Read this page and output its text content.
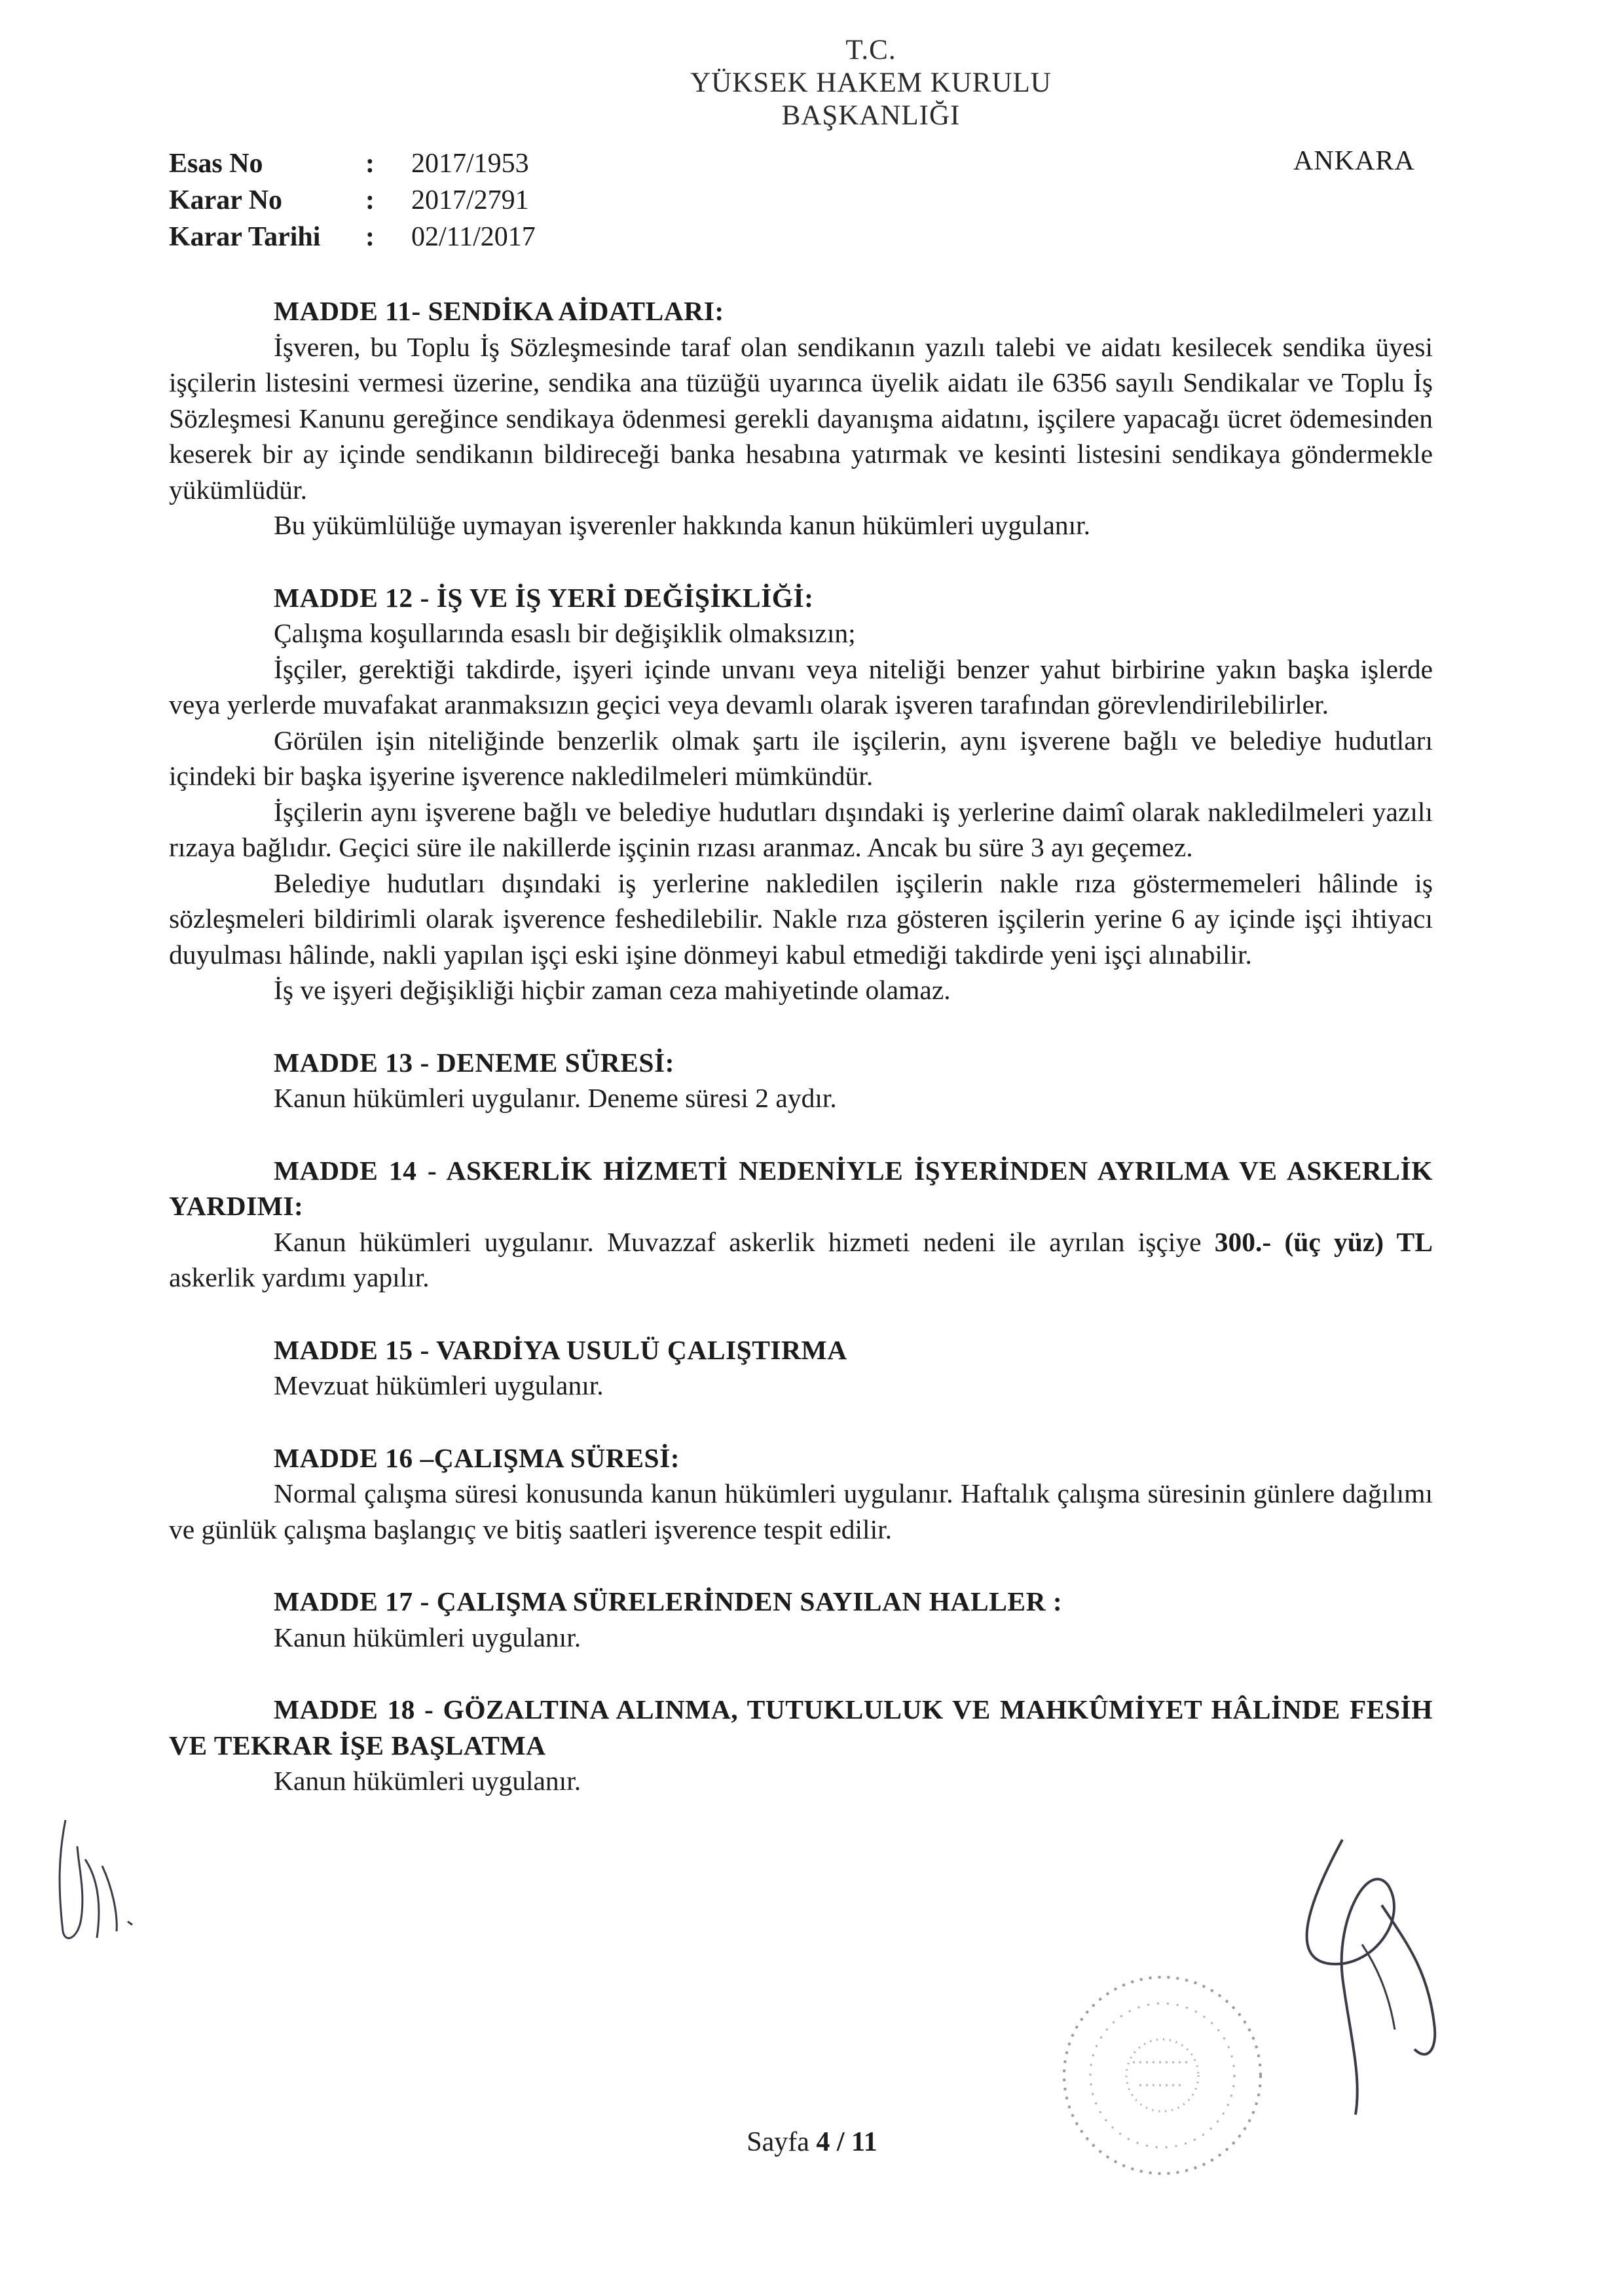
T.C.
YÜKSEK HAKEM KURULU
BAŞKANLIĞI
Esas No	:	2017/1953
Karar No	:	2017/2791
Karar Tarihi	:	02/11/2017
ANKARA
MADDE 11- SENDİKA AİDATLARI:
İşveren, bu Toplu İş Sözleşmesinde taraf olan sendikanın yazılı talebi ve aidatı kesilecek sendika üyesi işçilerin listesini vermesi üzerine, sendika ana tüzüğü uyarınca üyelik aidatı ile 6356 sayılı Sendikalar ve Toplu İş Sözleşmesi Kanunu gereğince sendikaya ödenmesi gerekli dayanışma aidatını, işçilere yapacağı ücret ödemesinden keserek bir ay içinde sendikanın bildireceği banka hesabına yatırmak ve kesinti listesini sendikaya göndermekle yükümlüdür.
Bu yükümlülüğe uymayan işverenler hakkında kanun hükümleri uygulanır.
MADDE 12 - İŞ VE İŞ YERİ DEĞİŞİKLİĞİ:
Çalışma koşullarında esaslı bir değişiklik olmaksızın;
İşçiler, gerektiği takdirde, işyeri içinde unvanı veya niteliği benzer yahut birbirine yakın başka işlerde veya yerlerde muvafakat aranmaksızın geçici veya devamlı olarak işveren tarafından görevlendirilebilirler.
Görülen işin niteliğinde benzerlik olmak şartı ile işçilerin, aynı işverene bağlı ve belediye hudutları içindeki bir başka işyerine işverence nakledilmeleri mümkündür.
İşçilerin aynı işverene bağlı ve belediye hudutları dışındaki iş yerlerine daimî olarak nakledilmeleri yazılı rızaya bağlıdır. Geçici süre ile nakillerde işçinin rızası aranmaz. Ancak bu süre 3 ayı geçemez.
Belediye hudutları dışındaki iş yerlerine nakledilen işçilerin nakle rıza göstermemeleri hâlinde iş sözleşmeleri bildirimli olarak işverence feshedilebilir. Nakle rıza gösteren işçilerin yerine 6 ay içinde işçi ihtiyacı duyulması hâlinde, nakli yapılan işçi eski işine dönmeyi kabul etmediği takdirde yeni işçi alınabilir.
İş ve işyeri değişikliği hiçbir zaman ceza mahiyetinde olamaz.
MADDE 13 - DENEME SÜRESİ:
Kanun hükümleri uygulanır. Deneme süresi 2 aydır.
MADDE 14 - ASKERLİK HİZMETİ NEDENİYLE İŞYERİNDEN AYRILMA VE ASKERLİK YARDIMI:
Kanun hükümleri uygulanır. Muvazzaf askerlik hizmeti nedeni ile ayrılan işçiye 300.- (üç yüz) TL askerlik yardımı yapılır.
MADDE 15 - VARDİYA USULÜ ÇALIŞTIRMA
Mevzuat hükümleri uygulanır.
MADDE 16 –ÇALIŞMA SÜRESİ:
Normal çalışma süresi konusunda kanun hükümleri uygulanır. Haftalık çalışma süresinin günlere dağılımı ve günlük çalışma başlangıç ve bitiş saatleri işverence tespit edilir.
MADDE 17 - ÇALIŞMA SÜRELERİNDEN SAYILAN HALLER :
Kanun hükümleri uygulanır.
MADDE 18 - GÖZALTINA ALINMA, TUTUKLULUK VE MAHKÛMİYET HÂLİNDE FESİH VE TEKRAR İŞE BAŞLATMA
Kanun hükümleri uygulanır.
Sayfa 4 / 11
